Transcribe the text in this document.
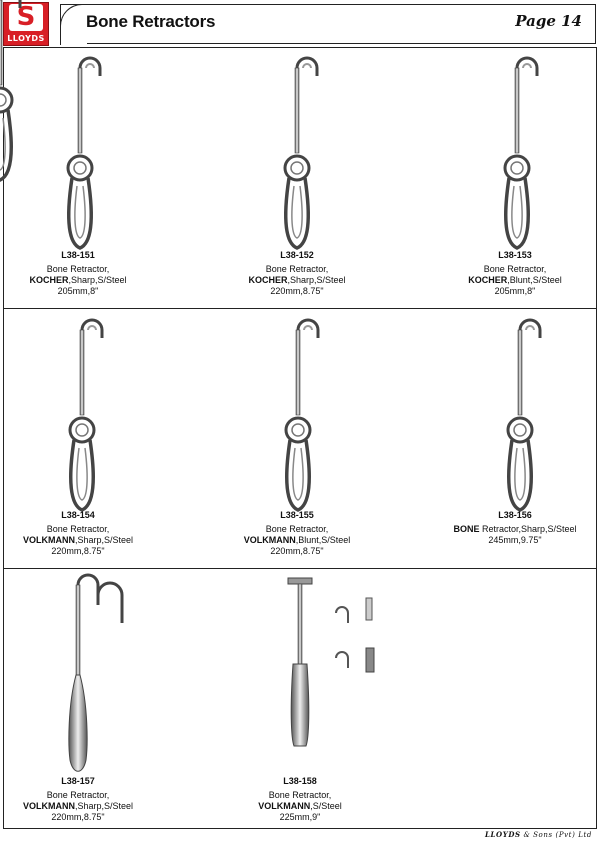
S
LLOYDS
Bone Retractors	Page 14
L38-151
Bone Retractor,
KOCHER,Sharp,S/Steel
205mm,8"
L38-152
Bone Retractor,
KOCHER,Sharp,S/Steel
220mm,8.75"
L38-153
Bone Retractor,
KOCHER,Blunt,S/Steel
205mm,8"
L38-154
Bone Retractor,
VOLKMANN,Sharp,S/Steel
220mm,8.75"
L38-155
Bone Retractor,
VOLKMANN,Blunt,S/Steel
220mm,8.75"
L38-156
BONE Retractor,Sharp,S/Steel
245mm,9.75"
L38-157
Bone Retractor,
VOLKMANN,Sharp,S/Steel
220mm,8.75"
L38-158
Bone Retractor,
VOLKMANN,S/Steel
225mm,9"
LLOYDS & Sons (Pvt) Ltd
